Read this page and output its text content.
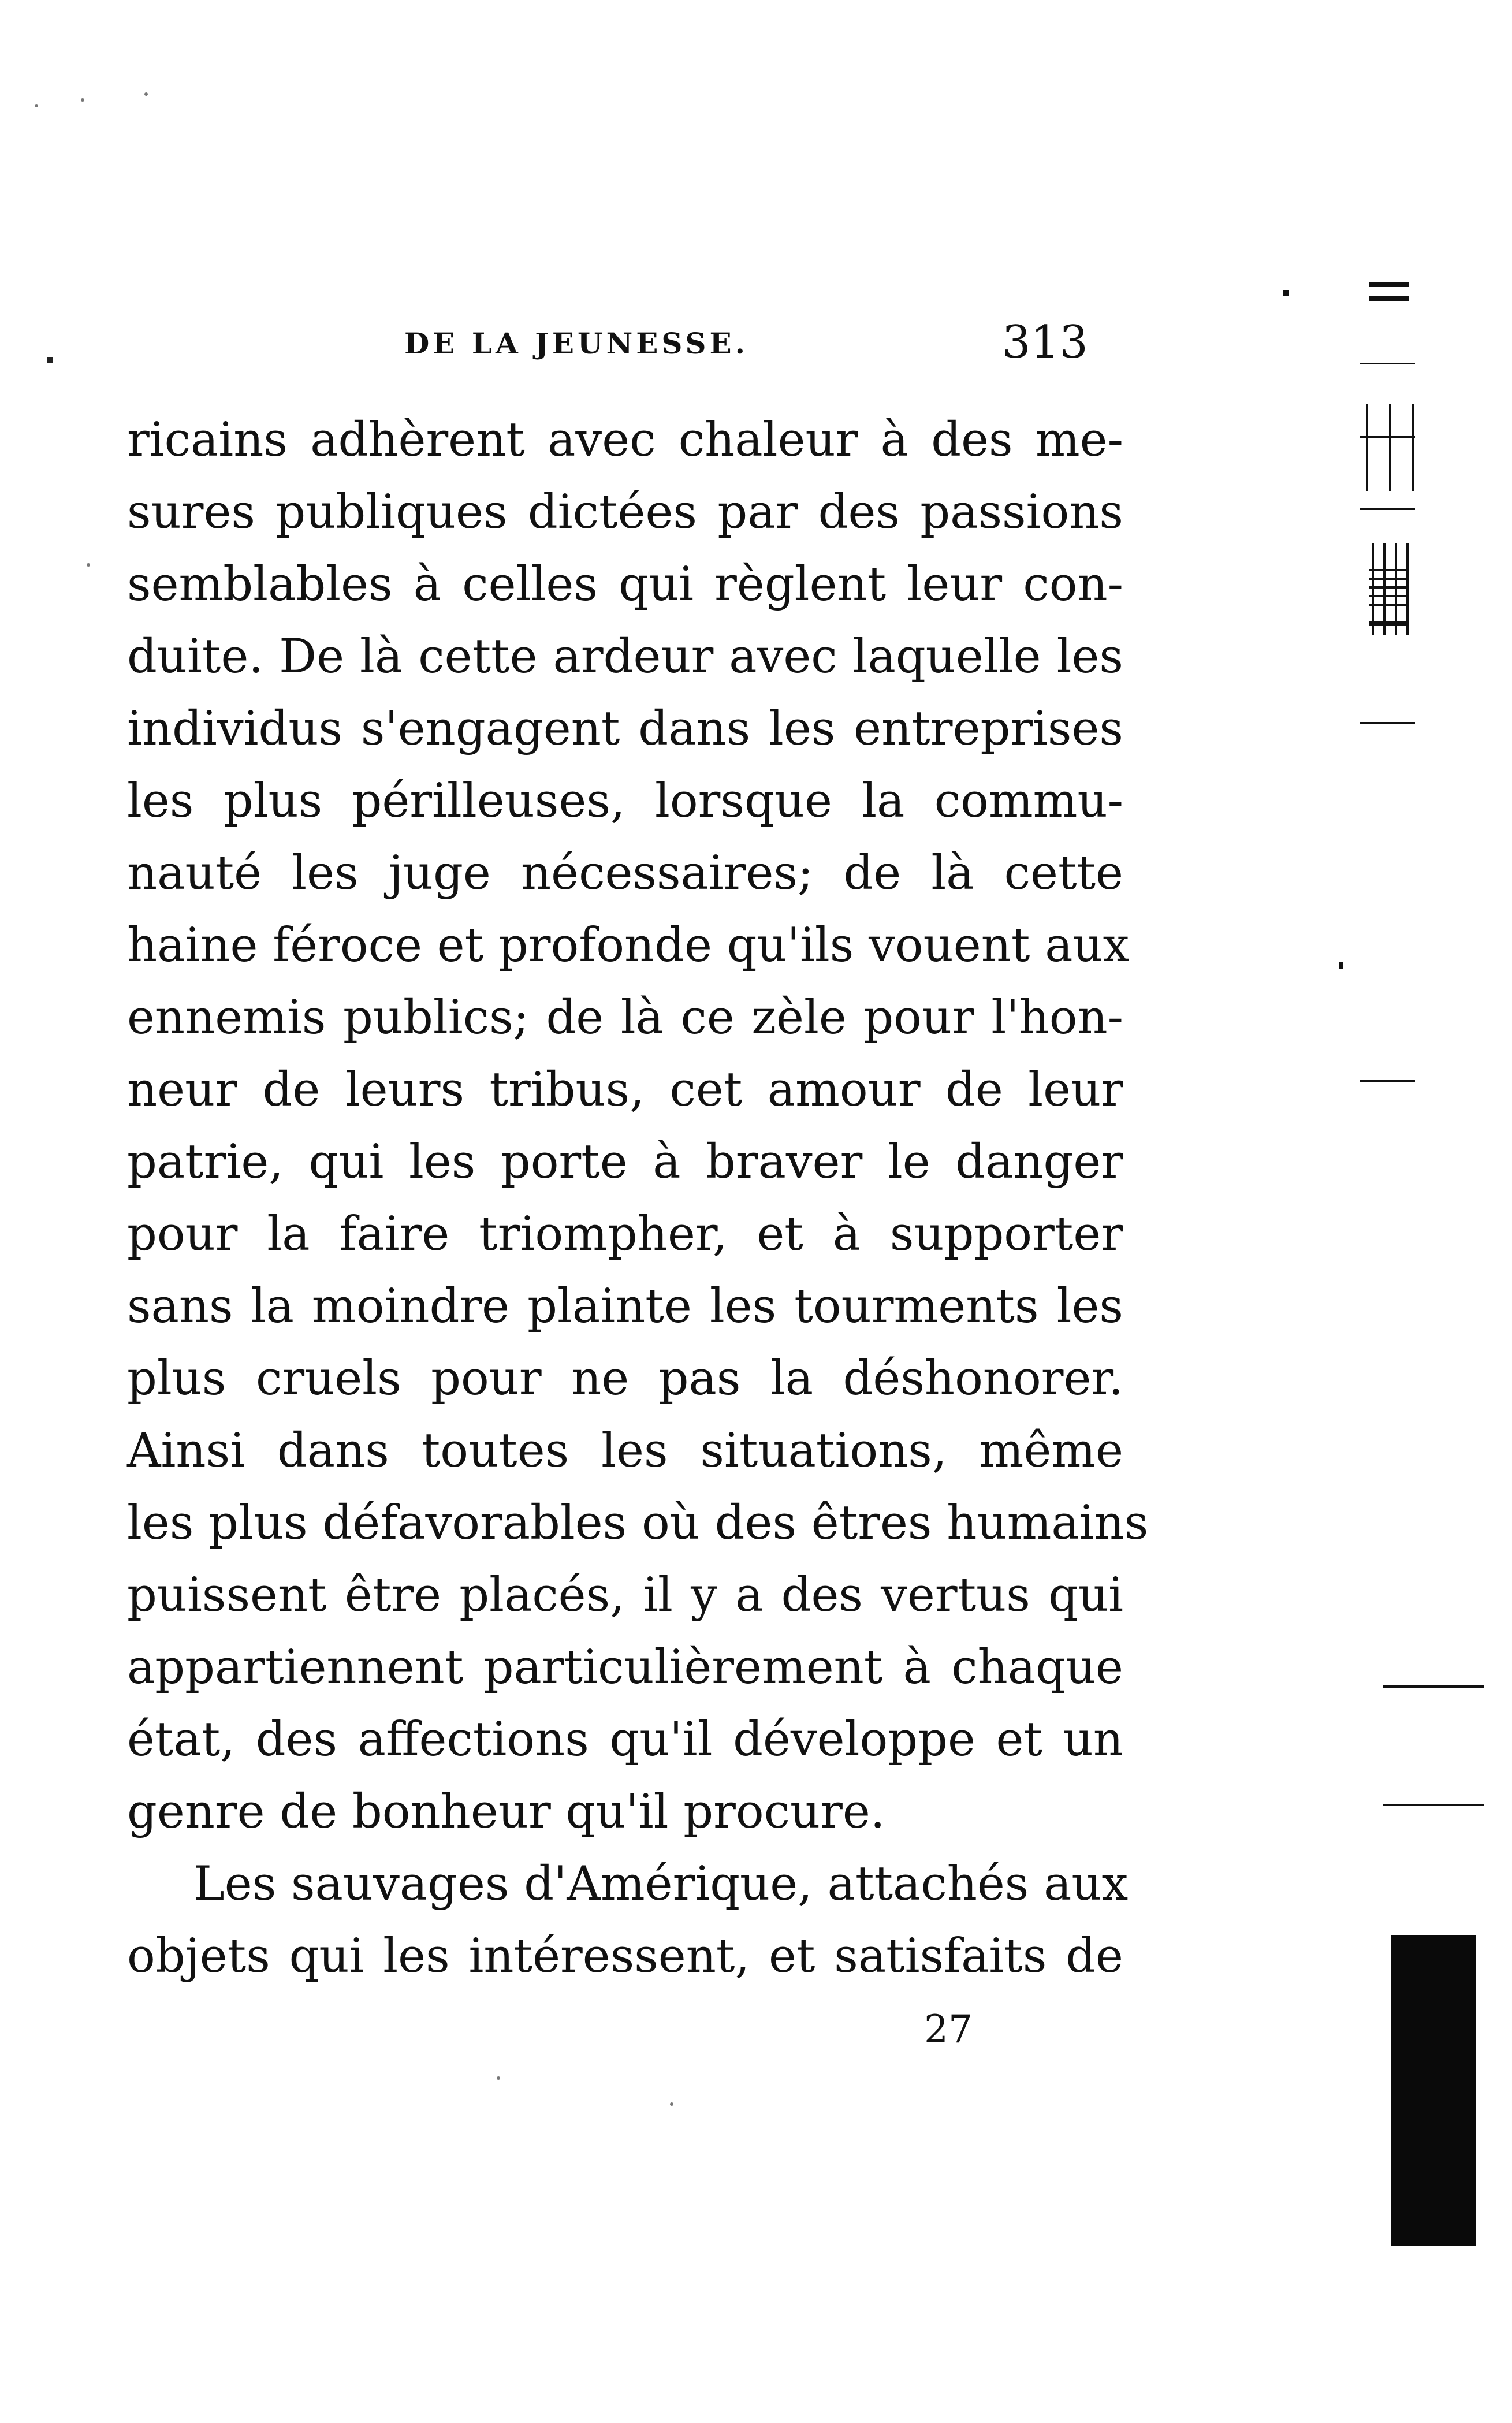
DE LA JEUNESSE.	313
ricains adhèrent avec chaleur à des me-
sures publiques dictées par des passions
semblables à celles qui règlent leur con-
duite. De là cette ardeur avec laquelle les
individus s'engagent dans les entreprises
les plus périlleuses, lorsque la commu-
nauté les juge nécessaires; de là cette
haine féroce et profonde qu'ils vouent aux
ennemis publics; de là ce zèle pour l'hon-
neur de leurs tribus, cet amour de leur
patrie, qui les porte à braver le danger
pour la faire triompher, et à supporter
sans la moindre plainte les tourments les
plus cruels pour ne pas la déshonorer.
Ainsi dans toutes les situations, même
les plus défavorables où des êtres humains
puissent être placés, il y a des vertus qui
appartiennent particulièrement à chaque
état, des affections qu'il développe et un
genre de bonheur qu'il procure.
Les sauvages d'Amérique, attachés aux
objets qui les intéressent, et satisfaits de
27
